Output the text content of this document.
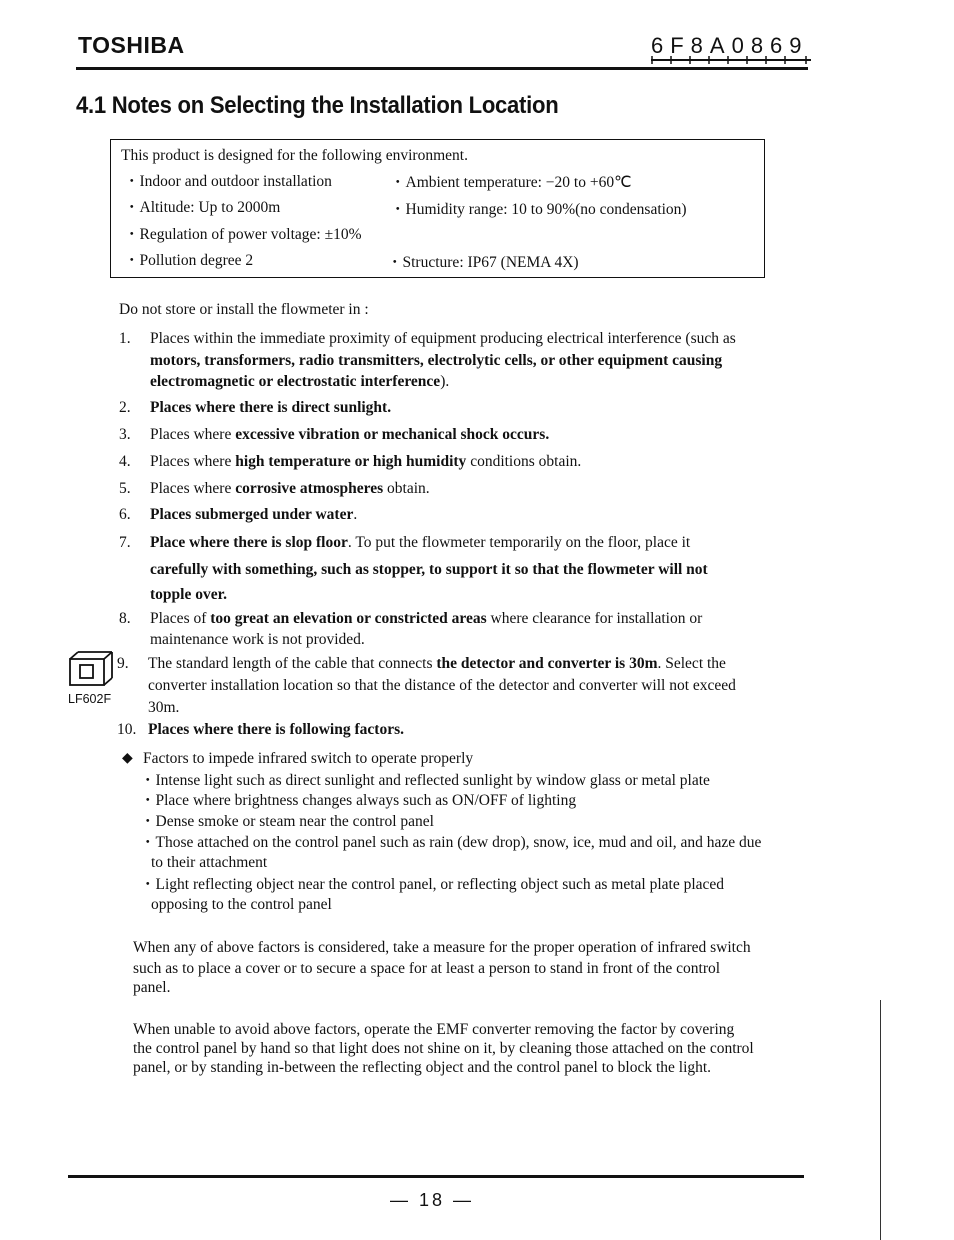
TOSHIBA	6F8A0869
4.1 Notes on Selecting the Installation Location
This product is designed for the following environment.
・Indoor and outdoor installation	・Ambient temperature: −20 to +60℃
・Altitude: Up to 2000m	・Humidity range: 10 to 90%(no condensation)
・Regulation of power voltage: ±10%
・Pollution degree 2	・Structure: IP67 (NEMA 4X)
Do not store or install the flowmeter in :
1.	Places within the immediate proximity of equipment producing electrical interference (such as
motors, transformers, radio transmitters, electrolytic cells, or other equipment causing
electromagnetic or electrostatic interference).
2.	Places where there is direct sunlight.
3.	Places where excessive vibration or mechanical shock occurs.
4.	Places where high temperature or high humidity conditions obtain.
5.	Places where corrosive atmospheres obtain.
6.	Places submerged under water.
7.	Place where there is slop floor. To put the flowmeter temporarily on the floor, place it
carefully with something, such as stopper, to support it so that the flowmeter will not
topple over.
8.	Places of too great an elevation or constricted areas where clearance for installation or
maintenance work is not provided.
LF602F
9.	The standard length of the cable that connects the detector and converter is 30m. Select the
converter installation location so that the distance of the detector and converter will not exceed
30m.
10. Places where there is following factors.
◆ Factors to impede infrared switch to operate properly
・Intense light such as direct sunlight and reflected sunlight by window glass or metal plate
・Place where brightness changes always such as ON/OFF of lighting
・Dense smoke or steam near the control panel
・Those attached on the control panel such as rain (dew drop), snow, ice, mud and oil, and haze due
to their attachment
・Light reflecting object near the control panel, or reflecting object such as metal plate placed
opposing to the control panel
When any of above factors is considered, take a measure for the proper operation of infrared switch
such as to place a cover or to secure a space for at least a person to stand in front of the control
panel.
When unable to avoid above factors, operate the EMF converter removing the factor by covering
the control panel by hand so that light does not shine on it, by cleaning those attached on the control
panel, or by standing in-between the reflecting object and the control panel to block the light.
— 18 —
